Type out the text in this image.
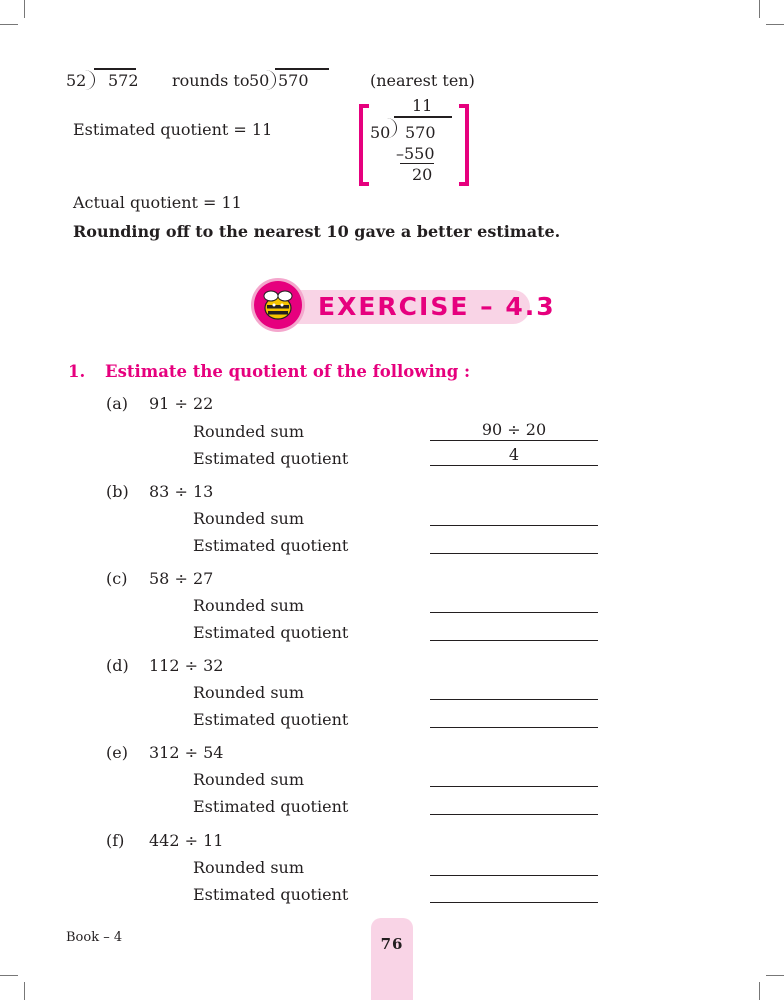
52 572 rounds to 50 570	(nearest ten)
Estimated quotient = 11
11
50 570
–550
20
Actual quotient = 11
Rounding off to the nearest 10 gave a better estimate.
EXERCISE – 4.3
1. Estimate the quotient of the following :
(a) 91 ÷ 22
Rounded sum	90 ÷ 20
Estimated quotient	4
(b) 83 ÷ 13
Rounded sum
Estimated quotient
(c) 58 ÷ 27
Rounded sum
Estimated quotient
(d) 112 ÷ 32
Rounded sum
Estimated quotient
(e) 312 ÷ 54
Rounded sum
Estimated quotient
(f) 442 ÷ 11
Rounded sum
Estimated quotient
Book – 4	76
